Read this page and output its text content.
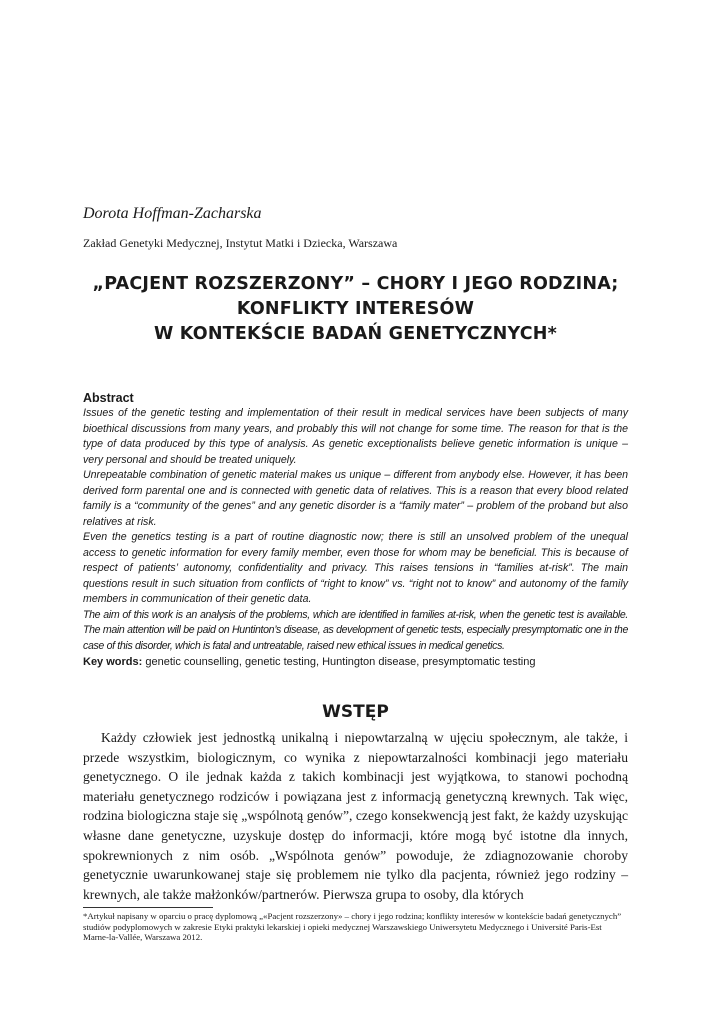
Dorota Hoffman-Zacharska
Zakład Genetyki Medycznej, Instytut Matki i Dziecka, Warszawa
„PACJENT ROZSZERZONY” – CHORY I JEGO RODZINA;
KONFLIKTY INTERESÓW
W KONTEKŚCIE BADAŃ GENETYCZNYCH*
Abstract

Issues of the genetic testing and implementation of their result in medical services have been subjects of many bioethical discussions from many years, and probably this will not change for some time. The reason for that is the type of data produced by this type of analysis. As genetic exceptionalists believe genetic information is unique – very personal and should be treated uniquely.

Unrepeatable combination of genetic material makes us unique – different from anybody else. However, it has been derived form parental one and is connected with genetic data of relatives. This is a reason that every blood related family is a “community of the genes” and any genetic disorder is a “family mater” – problem of the proband but also relatives at risk.

Even the genetics testing is a part of routine diagnostic now; there is still an unsolved problem of the unequal access to genetic information for every family member, even those for whom may be beneficial. This is because of respect of patients’ autonomy, confidentiality and privacy. This raises tensions in “families at-risk”. The main questions result in such situation from conflicts of “right to know” vs. “right not to know” and autonomy of the family members in communication of their genetic data.

The aim of this work is an analysis of the problems, which are identified in families at-risk, when the genetic test is available. The main attention will be paid on Huntinton’s disease, as development of genetic tests, especially presymptomatic one in the case of this disorder, which is fatal and untreatable, raised new ethical issues in medical genetics.

Key words: genetic counselling, genetic testing, Huntington disease, presymptomatic testing
WSTĘP

Każdy człowiek jest jednostką unikalną i niepowtarzalną w ujęciu społecznym, ale także, i przede wszystkim, biologicznym, co wynika z niepowtarzalności kombinacji jego materiału genetycznego. O ile jednak każda z takich kombinacji jest wyjątkowa, to stanowi pochodną materiału genetycznego rodziców i powiązana jest z informacją genetyczną krewnych. Tak więc, rodzina biologiczna staje się „wspólnotą genów”, czego konsekwencją jest fakt, że każdy uzyskując własne dane genetyczne, uzyskuje dostęp do informacji, które mogą być istotne dla innych, spokrewnionych z nim osób. „Wspólnota genów” powoduje, że zdiagnozowanie choroby genetycznie uwarunkowanej staje się problemem nie tylko dla pacjenta, również jego rodziny – krewnych, ale także małżonków/partnerów. Pierwsza grupa to osoby, dla których

*Artykuł napisany w oparciu o pracę dyplomową „«Pacjent rozszerzony» – chory i jego rodzina; konflikty interesów w kontekście badań genetycznych” studiów podyplomowych w zakresie Etyki praktyki lekarskiej i opieki medycznej Warszawskiego Uniwersytetu Medycznego i Université Paris-Est Marne-la-Vallée, Warszawa 2012.
